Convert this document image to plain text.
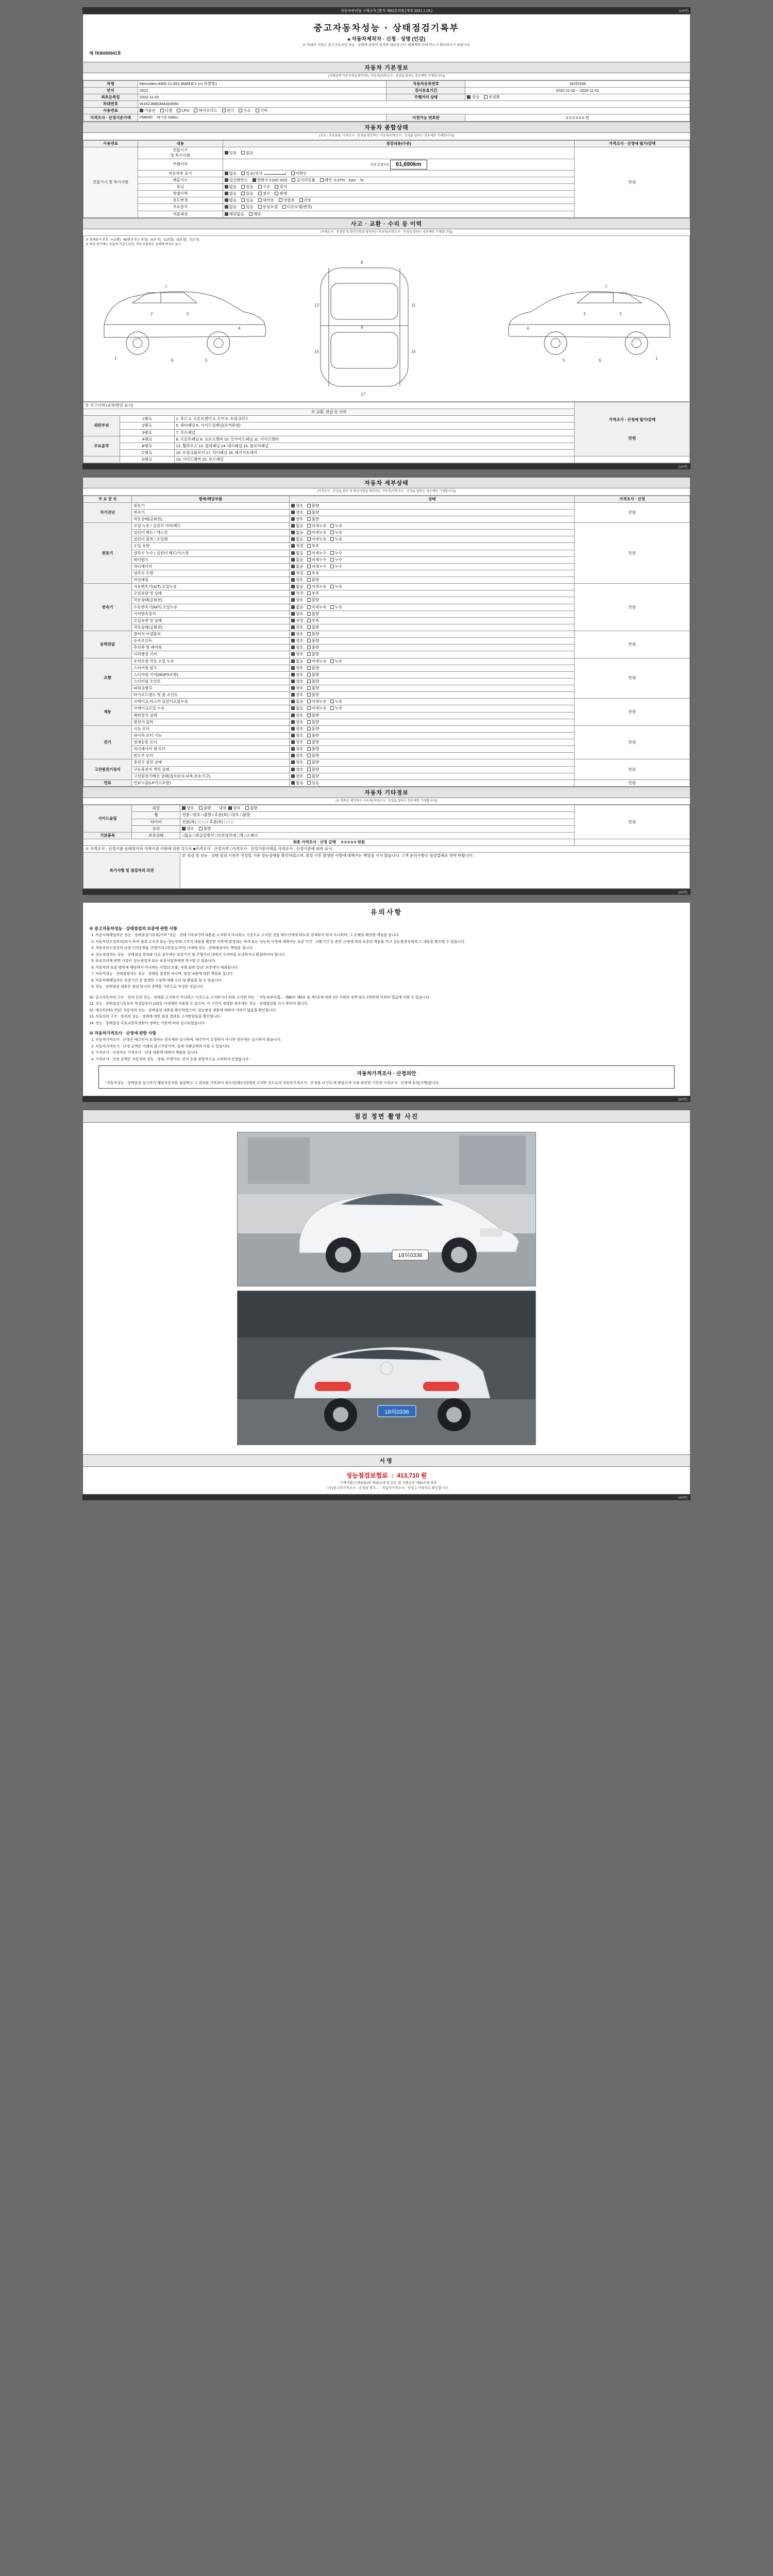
자동차관리법 시행규칙 [별지 제82호의3] (개정 2021.1.19.)	(1/4면)
중고자동차성능 · 상태점검기록부
■ 자동차제작자 · 신청 · 성명 (인감)
※ 아래의 사항은 중고자동차의 성능 · 상태에 관하여 점검한 내용입니다. 매매계약 전에 반드시 확인하시기 바랍니다.
제 7836000941호
자동차 기본정보
(거래금액 기준가격을 확인하는 자동차(이력조사 · 선정을 말하는 경우에만 기재합니다))
차명	Mercedes-AMG CLS53 4MATIC+ (+) 차량명1	자동차등록번호	18허0336
연식	2021	검사유효기간	2022-11-02 ~ 2026-11-01
최초등록일	2022-11-02	주행거리 상태	정상 부정확
차대번호	W1K2J6BGMA004590		
사용연료	가솔린 디젤 LPG 하이브리드 전기 수소 기타		
가격조사 · 산정기준가액	258000 배기량 2999cc	이전가능 번호판	0 0 0 0 0 0 번
자동차 종합상태
(주요 · 주유물품, 가격조사 · 산정을 확인하는 자동차(이력조사 · 선정을 말하는 경우에만 기재합니다))
사용연료	내용	점검내용(수준)	가격조사 · 산정에 필가/감액
건물기기 및 특기사항	건물기기
및 특기사항	있음 없음	만원
	주행거리	현재 주행거리 61,690km	
	자동차종 표기	없음 있음(위치: ) 미확인	
	배출가스	일산화탄소 탄화수소(HC-KO) 공기과잉률 매연  0.07%   1pm.   %	
	튜닝	없음 있음 구조 장치	
	특별이력	없음 있음 침수 화재	
	용도변경	없음 있음 대여용 영업용 관용	
	주요장치	없음 있음 동일모델 다른모델(변경)	
	리콜대상	해당없음 해당	
사고 · 교환 · 수리 등 이력
(거래조사 · 산정할 및 확인사항을 확인하는 자동차(이력조사 · 선정을 말하는 경우에만 기재합니다))
※ 상태표시 부호 : ×(교환) · W(판금 또는 용접) · A(부식) · C(균열) · U(요철) · T(손상)
※ 하단 양식에는 송출적 기준으로만, 기타 부품적은 상세에 쪽지로 표시
1
2	3
4
5
6
7
8
17
12	11
14	15
9
1
2
3
4
5	6
7
※ 사고이력 (교차/판금 표시)			가격조사 · 산정에 필가/감액
만원

※ 교환, 판금 등 이력			
외판부위	1랭크	1. 후드 2. 프론트펜더 3. 도어 4. 트렁크리드	
	2랭크	5. 쿼터패널 6. 사이드실패널(로커판넬)	
	3랭크	7. 루프패널	
주요골격	A랭크	8. 프론트패널 9. 크로스멤버 10. 인사이드패널 11. 사이드멤버	
	B랭크	12. 휠하우스 13. 필러패널 14. 대시패널 15. 플로어패널	
	C랭크	16. 트렁크플로어 17. 리어패널 18. 패키지트레이	
	D랭크	19. 사이드멤버 20. 루프레일	
(1/4면)
자동차 세부상태
(가격조사 · 산정을 확인 및 확인사항을 확인하는 자동차(이력조사 · 선정을 말하는 경우에만 기재합니다))
주 요 장 치	항목/해당부품	상태	가격조사 · 산정
자기진단	원동기	양호 불량	만원
	변속기	양호 불량	
	작동상태(공회전)	양호 불량	
원동기	오일 누유 / 실린더 커버/헤드	없음 미세누유 누유	만원
	실린더 헤드 / 개스킷	없음 미세누유 누유	
	실린더 블록 / 오일팬	없음 미세누유 누유	
	오일 유량	적정 부족	
	냉각수 누수 / 실린더 헤드/가스켓	없음 미세누수 누수	
	워터펌프	없음 미세누수 누수	
	라디에이터	없음 미세누수 누수	
	냉각수 수량	적정 부족	
	커먼레일	양호 불량	
변속기	자동변속기(A/T) 오일누유	없음 미세누유 누유	만원
	오일유량 및 상태	적정 부족	
	작동상태(공회전)	양호 불량	
	수동변속기(M/T) 오일누유	없음 미세누유 누유	
	기어변속장치	양호 불량	
	오일유량 및 상태	적정 부족	
	작동상태(공회전)	양호 불량	
동력전달	클러치 어셈블리	양호 불량	만원
	등속조인트	양호 불량	
	추진축 및 베어링	양호 불량	
	디퍼렌셜 기어	양호 불량	
조향	동력조향 작동 오일 누유	없음 미세누유 누유	만원
	스티어링 펌프	양호 불량	
	스티어링 기어(MDPS포함)	양호 불량	
	스티어링 조인트	양호 불량	
	파워크랭크	양호 불량	
	타이로드엔드 및 볼 조인트	양호 불량	
제동	브레이크 마스터 실린더오일누유	없음 미세누유 누유	만원
	브레이크오일 누유	없음 미세누유 누유	
	배력장치 상태	양호 불량	
	발전기 출력	양호 불량	
전기	시동 모터	양호 불량	만원
	와이퍼 모터 기능	양호 불량	
	실내송풍 모터	양호 불량	
	라디에이터 팬 모터	양호 불량	
	윈도우 모터	양호 불량	
고전원전기장치	충전구 절연 상태	양호 불량	만원
	구동축전지 격리 상태	양호 불량	
	고전원전기배선 상태(접속단자,피복,보호기구)	양호 불량	
연료	연료누출(LP가스포함)	없음 있음	만원
자동차 기타정보
(※ 항목은 확인하는 자동차(이력조사 · 선정을 말하는 경우에만 기재합니다))
사이드슬립	외장	양호 불량 내장 양호 불량	만원
	휠	전륜 □양호 □불량 / 후륜(좌) □양호 □불량	
	타이어	전륜(좌) □ □ □ / 후륜(좌) □ □ □	
	유리	양호 불량	
기본품목	보유상태	□없음 □취급설명서 □안전삼각대 □잭 □스패너	
최종 가격조사 · 산정 금액 0 0 0 0 0 천원			
※ 가격조사 · 산정기준 상태평가의 가액기준 사항에 의한 것으로 ■가격조사 · 산정가격 □가격조사 · 산정기준가액을 가격조사 · 산정기준에 따라 표시			
특기사항 및 점검자의 의견		본 점검 및 성능 · 상태 점검 기록부 작성일 기준 성능상태를 확인하였으며, 점검 이후 발생한 사항에 대해서는 책임을 지지 않습니다. 고객 문의사항은 점검업체로 연락 바랍니다.	
(2/4면)
유의사항
※ 중고자동차성능 · 상태점검의 보증에 관한 사항
1. 자동차매매업자는 성능 · 상태점검기록부(이하 "성능 · 상태 기록부")에 내용을 고지하지 아니하고 거짓으로 고지할 것을 매수인에게 하도록 강제하여 하지 아니하며, 그 손해를 배상할 책임을 집니다.
2. 자동차인도일부터(차가 하자 점검 고지지 또는 성능상태 고지지 내용을 확인한 이후에 발견되는 하자 또는 성능의 이상에 대하여는 보증 기간 · 교환기간 등 관련 규정에 따라 보증의 책임을 지고 성능점검자에게 그 내용을 확인할 수 있습니다.
3. 자동차인도일부터 보증기간(1개월, 주행거리 2천킬로미터) 이내에 성능 · 상태점검자는 책임을 집니다.
4. 성능점검자는 성능 · 상태점검 결과와 다른 경우에는 보증기간 및 주행거리 내에서 수리비를 보상하거나 환불하여야 합니다.
5. 보증수리에 관한 사항은 성능점검자 또는 보증사업자에게 청구할 수 있습니다.
6. 자동차의 보증 범위에 해당하지 아니하는 사항(소모품, 차량 외관 등)은 보증에서 제외됩니다.
7. 자동차성능 · 상태점검자는 성능 · 상태를 점검한 자이며, 점검 내용에 대한 책임을 집니다.
8. 자동차매매업자는 보증기간 중 발생한 고장에 대해 수리 및 환불을 할 수 있습니다.
9. 성능 · 상태점검 내용은 점검 당시의 상태를 기준으로 작성된 것입니다.
10. 중고자동차의 구조 · 장치 등의 성능 · 상태를 고지하지 아니하고 거짓으로 고지하거나 허위 고지한 자는 「자동차관리법」 제80조 제6호 및 제7호에 따라 2년 이하의 징역 또는 2천만원 이하의 벌금에 처할 수 있습니다.
11. 성능 · 상태점검기록부의 작성일부터 120일 이내에만 사용할 수 있으며, 이 기간이 경과한 경우에는 성능 · 상태점검을 다시 받아야 합니다.
12. 매수인(매도인)은 자동차의 성능 · 상태점검 내용을 확인하였으며, 성능점검 내용에 대하여 이의가 없음을 확인합니다.
13. 자동차의 구조 · 장치의 성능 · 상태에 대한 점검 결과를 고지받았음을 확인합니다.
14. 성능 · 상태점검 국토교통부장관이 정하는 기준에 따라 실시되었습니다.
※ 자동차가격조사 · 산정에 관한 사항
1. 자동차가격조사 · 산정은 매수인이 요청하는 경우에만 실시하며, 매수인이 요청하지 아니한 경우에는 실시하지 않습니다.
2. 자동차가격조사 · 산정 금액은 거래의 참고사항이며, 실제 거래금액과 다를 수 있습니다.
3. 가격조사 · 산정자는 가격조사 · 산정 내용에 대하여 책임을 집니다.
4. 가격조사 · 산정 금액은 자동차의 성능 · 상태, 주행거리, 연식 등을 종합적으로 고려하여 산정됩니다.
자동차가격조사 · 산정의안
「자동차성능 · 상태점검 실시자가 해당자동차를 점검하고 그 결과를 기록하여 매수인(매도인)에게 고지한 것으로서 자동차가격조사 · 산정을 나 인도계 받았으며 이와 관련한 기록한 가격조사 · 산정에 동의(서명)합니다.
(3/4면)
점검 정면 촬영 사진
18허0336
18허0336
서명
성능점검보험료  :  413,710 원
「기재사항(기재내용)에 제15조에 및 같은 법 시행규칙 제35조에 따라
「(주)중고차가격조사 · 산정을 경우, 」 자동차가격조사 · 산정 1 사업자로 확인합니다.
(4/4면)
